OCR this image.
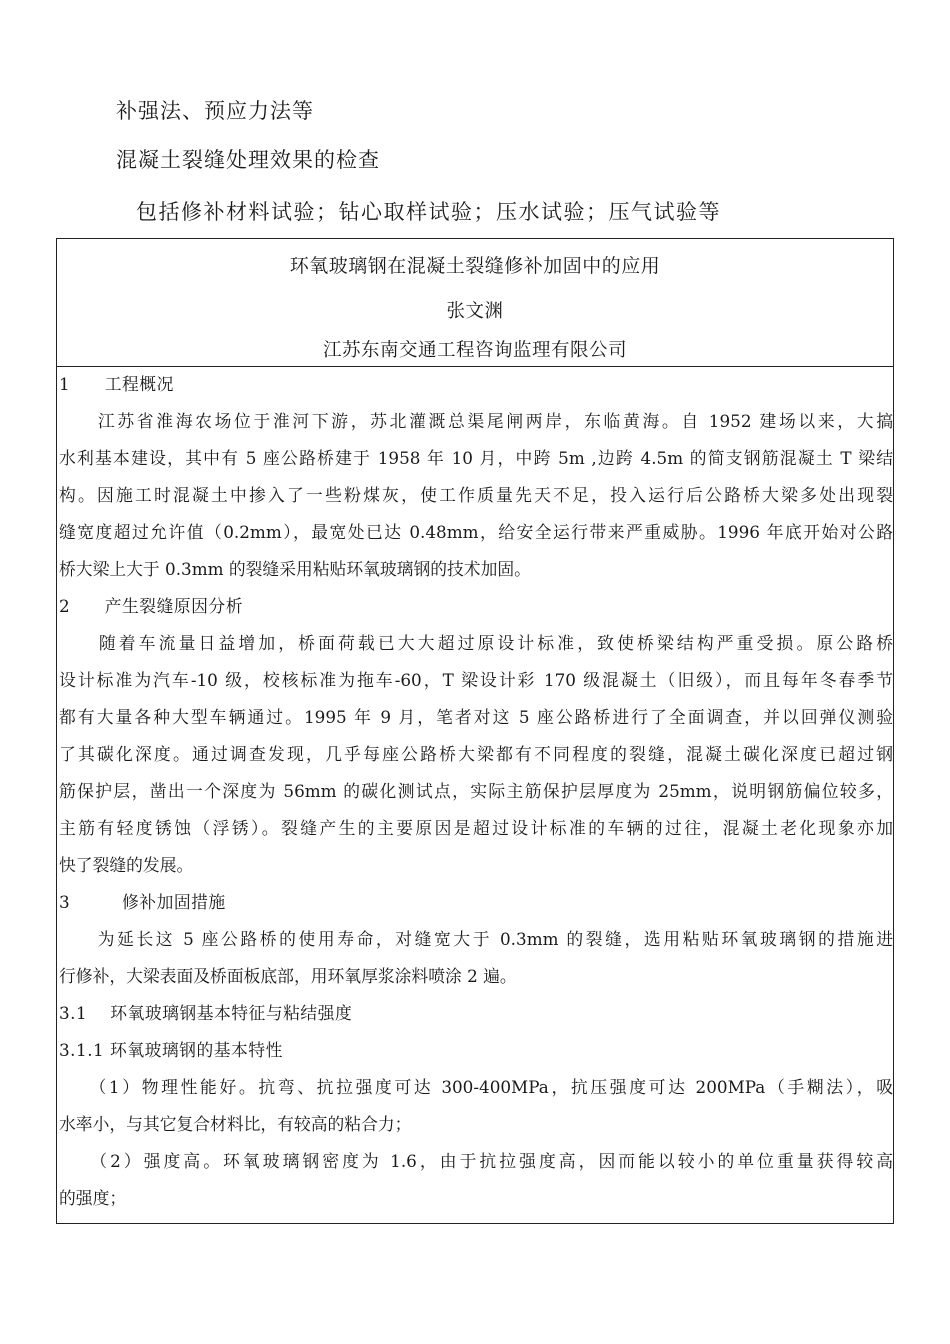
补强法、预应力法等
混凝土裂缝处理效果的检查
包括修补材料试验；钻心取样试验；压水试验；压气试验等
环氧玻璃钢在混凝土裂缝修补加固中的应用
张文渊
江苏东南交通工程咨询监理有限公司
1　　工程概况
　　江苏省淮海农场位于淮河下游，苏北灌溉总渠尾闸两岸，东临黄海。自 1952 建场以来，大搞
水利基本建设，其中有 5 座公路桥建于 1958 年 10 月，中跨 5m ,边跨 4.5m 的简支钢筋混凝土 T 梁结
构。因施工时混凝土中掺入了一些粉煤灰，使工作质量先天不足，投入运行后公路桥大梁多处出现裂
缝宽度超过允许值（0.2mm），最宽处已达 0.48mm，给安全运行带来严重威胁。1996 年底开始对公路
桥大梁上大于 0.3mm 的裂缝采用粘贴环氧玻璃钢的技术加固。
2　　产生裂缝原因分析
　　随着车流量日益增加，桥面荷载已大大超过原设计标准，致使桥梁结构严重受损。原公路桥
设计标准为汽车-10 级，校核标准为拖车-60，T 梁设计彩 170 级混凝土（旧级），而且每年冬春季节
都有大量各种大型车辆通过。1995 年 9 月，笔者对这 5 座公路桥进行了全面调查，并以回弹仪测验
了其碳化深度。通过调查发现，几乎每座公路桥大梁都有不同程度的裂缝，混凝土碳化深度已超过钢
筋保护层，凿出一个深度为 56mm 的碳化测试点，实际主筋保护层厚度为 25mm，说明钢筋偏位较多，
主筋有轻度锈蚀（浮锈）。裂缝产生的主要原因是超过设计标准的车辆的过往，混凝土老化现象亦加
快了裂缝的发展。
3　　　修补加固措施
　　为延长这 5 座公路桥的使用寿命，对缝宽大于 0.3mm 的裂缝，选用粘贴环氧玻璃钢的措施进
行修补，大梁表面及桥面板底部，用环氧厚浆涂料喷涂 2 遍。
3.1　 环氧玻璃钢基本特征与粘结强度
3.1.1 环氧玻璃钢的基本特性
　　（1）物理性能好。抗弯、抗拉强度可达 300-400MPa，抗压强度可达 200MPa（手糊法），吸
水率小，与其它复合材料比，有较高的粘合力；
　　（2）强度高。环氧玻璃钢密度为 1.6，由于抗拉强度高，因而能以较小的单位重量获得较高
的强度；
